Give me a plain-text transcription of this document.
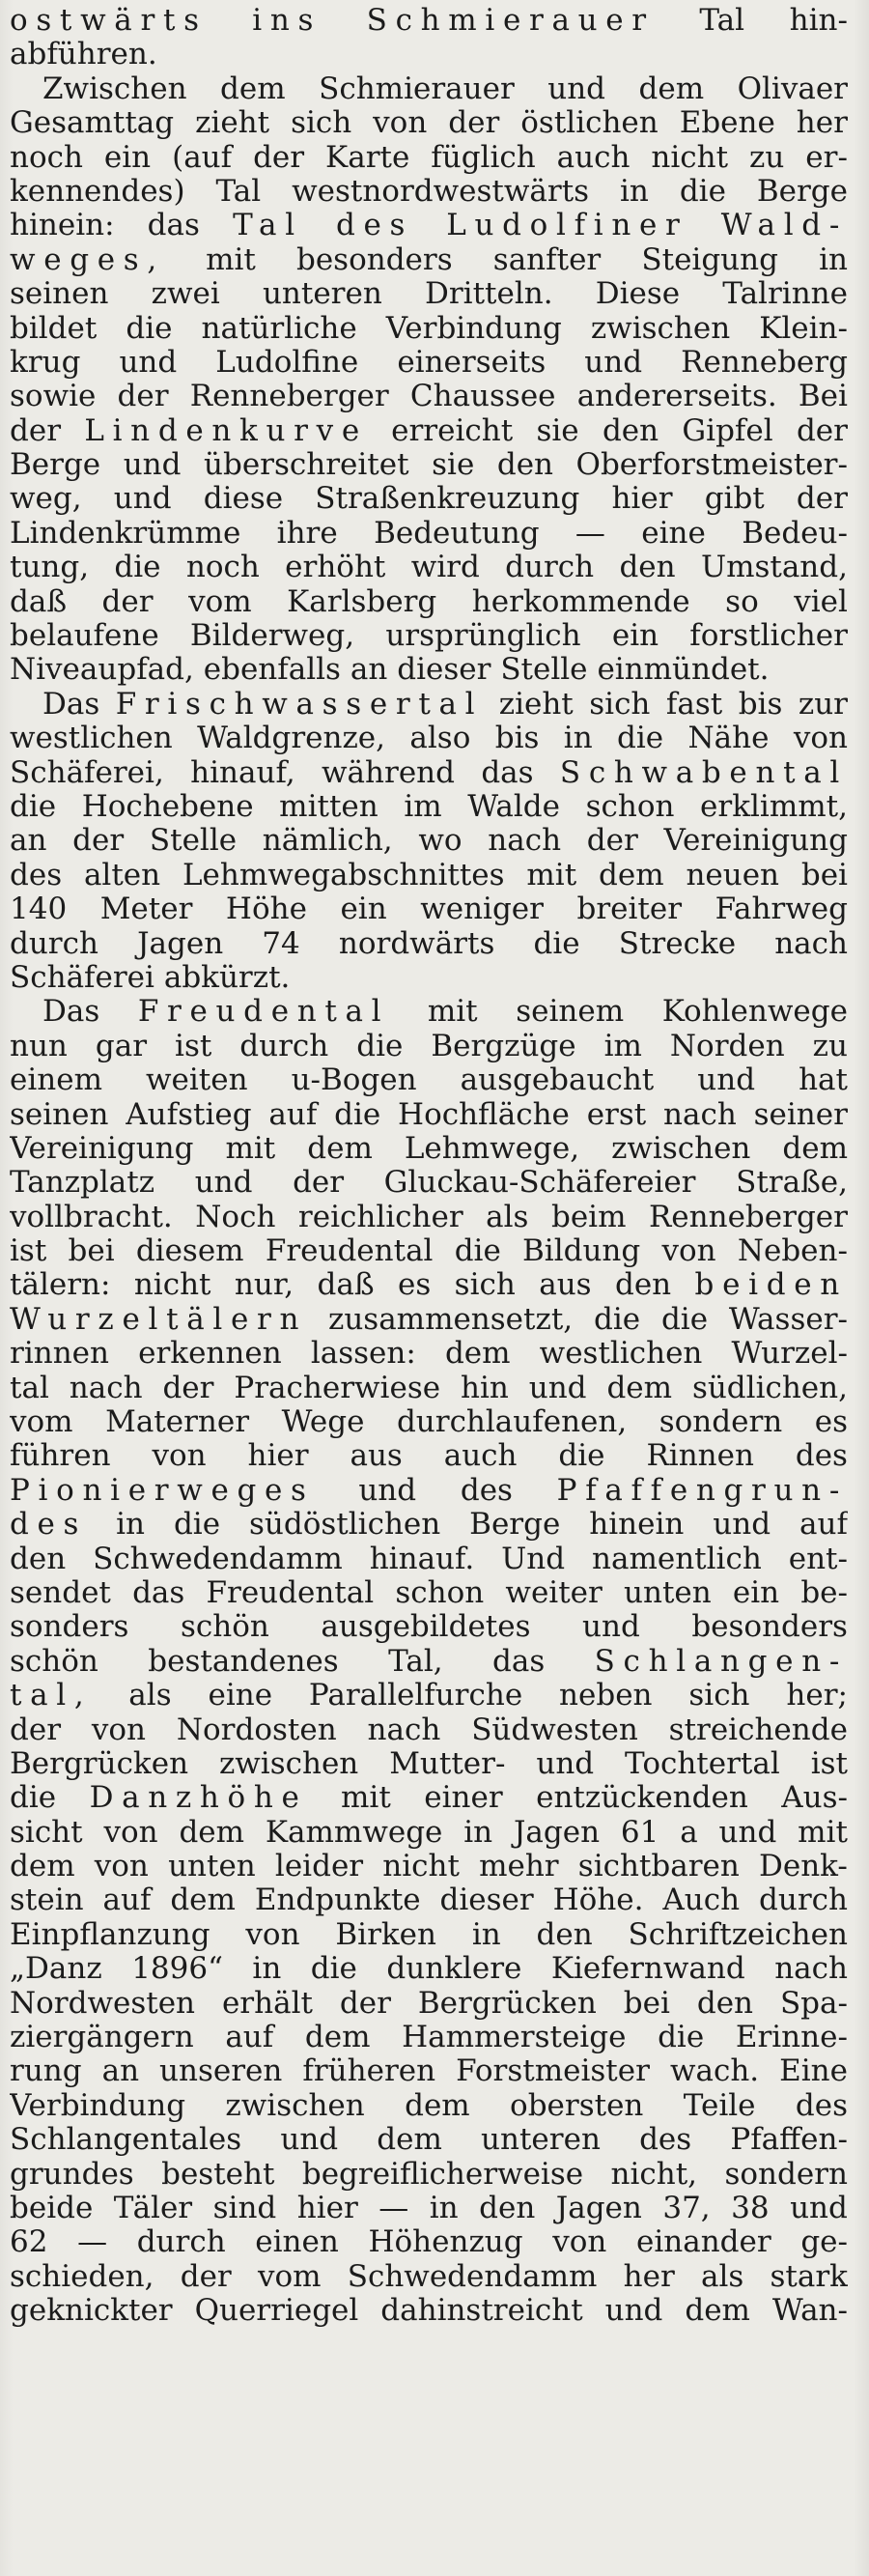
ostwärts ins Schmierauer Tal hin-
abführen.
Zwischen dem Schmierauer und dem Olivaer
Gesamttag zieht sich von der östlichen Ebene her
noch ein (auf der Karte füglich auch nicht zu er-
kennendes) Tal westnordwestwärts in die Berge
hinein: das Tal des Ludolfiner Wald-
weges, mit besonders sanfter Steigung in
seinen zwei unteren Dritteln. Diese Talrinne
bildet die natürliche Verbindung zwischen Klein-
krug und Ludolfine einerseits und Renneberg
sowie der Renneberger Chaussee andererseits. Bei
der Lindenkurve erreicht sie den Gipfel der
Berge und überschreitet sie den Oberforstmeister-
weg, und diese Straßenkreuzung hier gibt der
Lindenkrümme ihre Bedeutung — eine Bedeu-
tung, die noch erhöht wird durch den Umstand,
daß der vom Karlsberg herkommende so viel
belaufene Bilderweg, ursprünglich ein forstlicher
Niveaupfad, ebenfalls an dieser Stelle einmündet.
Das Frischwassertal zieht sich fast bis zur
westlichen Waldgrenze, also bis in die Nähe von
Schäferei, hinauf, während das Schwabental
die Hochebene mitten im Walde schon erklimmt,
an der Stelle nämlich, wo nach der Vereinigung
des alten Lehmwegabschnittes mit dem neuen bei
140 Meter Höhe ein weniger breiter Fahrweg
durch Jagen 74 nordwärts die Strecke nach
Schäferei abkürzt.
Das Freudental mit seinem Kohlenwege
nun gar ist durch die Bergzüge im Norden zu
einem weiten u-Bogen ausgebaucht und hat
seinen Aufstieg auf die Hochfläche erst nach seiner
Vereinigung mit dem Lehmwege, zwischen dem
Tanzplatz und der Gluckau-Schäfereier Straße,
vollbracht. Noch reichlicher als beim Renneberger
ist bei diesem Freudental die Bildung von Neben-
tälern: nicht nur, daß es sich aus den beiden
Wurzeltälern zusammensetzt, die die Wasser-
rinnen erkennen lassen: dem westlichen Wurzel-
tal nach der Pracherwiese hin und dem südlichen,
vom Materner Wege durchlaufenen, sondern es
führen von hier aus auch die Rinnen des
Pionierweges und des Pfaffengrun-
des in die südöstlichen Berge hinein und auf
den Schwedendamm hinauf. Und namentlich ent-
sendet das Freudental schon weiter unten ein be-
sonders schön ausgebildetes und besonders
schön bestandenes Tal, das Schlangen-
tal, als eine Parallelfurche neben sich her;
der von Nordosten nach Südwesten streichende
Bergrücken zwischen Mutter- und Tochtertal ist
die Danzhöhe mit einer entzückenden Aus-
sicht von dem Kammwege in Jagen 61 a und mit
dem von unten leider nicht mehr sichtbaren Denk-
stein auf dem Endpunkte dieser Höhe. Auch durch
Einpflanzung von Birken in den Schriftzeichen
„Danz 1896“ in die dunklere Kiefernwand nach
Nordwesten erhält der Bergrücken bei den Spa-
ziergängern auf dem Hammersteige die Erinne-
rung an unseren früheren Forstmeister wach. Eine
Verbindung zwischen dem obersten Teile des
Schlangentales und dem unteren des Pfaffen-
grundes besteht begreiflicherweise nicht, sondern
beide Täler sind hier — in den Jagen 37, 38 und
62 — durch einen Höhenzug von einander ge-
schieden, der vom Schwedendamm her als stark
geknickter Querriegel dahinstreicht und dem Wan-
